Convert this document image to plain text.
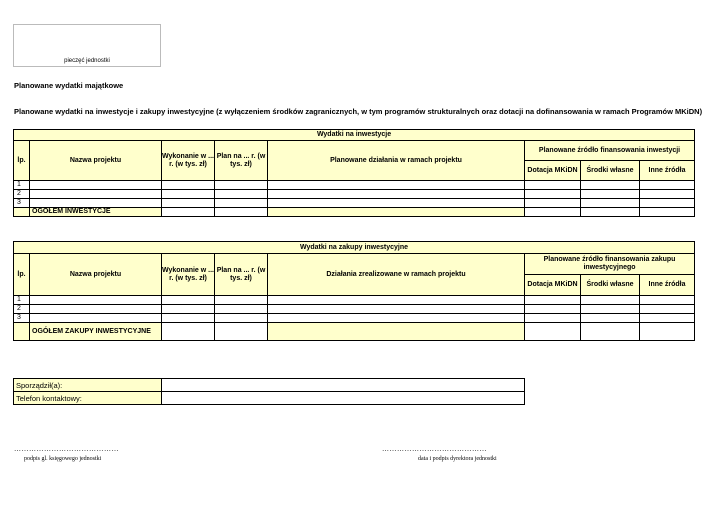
pieczęć jednostki
Planowane wydatki majątkowe
Planowane wydatki na inwestycje i zakupy inwestycyjne (z wyłączeniem środków zagranicznych, w tym programów strukturalnych oraz dotacji na dofinansowania w ramach Programów MKiDN)
Wydatki na inwestycje							
lp.	Nazwa projektu	Wykonanie w ... r. (w tys. zł)	Plan na ... r. (w tys. zł)	Planowane działania w ramach projektu	Planowane źródło finansowania inwestycji		
					Dotacja MKiDN	Środki własne	Inne źródła
1							
2							
3							
	OGÓŁEM INWESTYCJE						
Wydatki na zakupy inwestycyjne							
lp.	Nazwa projektu	Wykonanie w ... r. (w tys. zł)	Plan na ... r. (w tys. zł)	Działania zrealizowane w ramach projektu	Planowane źródło finansowania zakupu inwestycyjnego		
					Dotacja MKiDN	Środki własne	Inne źródła
1							
2							
3							
	OGÓŁEM ZAKUPY INWESTYCYJNE						
Sporządził(a):	
Telefon kontaktowy:	
……………………………………
podpis gl. księgowego jednostki
……………………………………
data i podpis dyrektora jednostki
